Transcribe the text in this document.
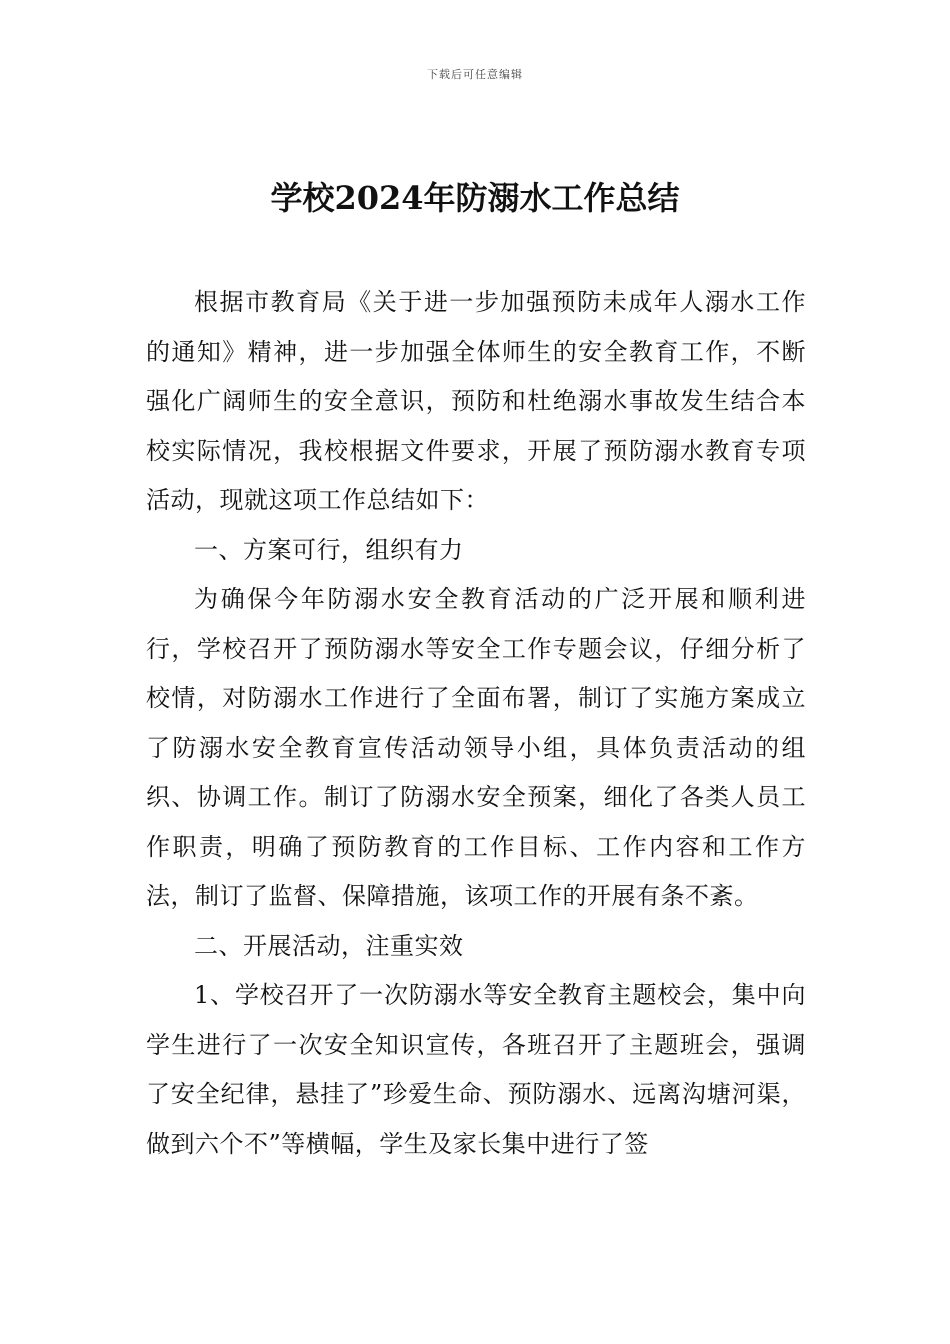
下载后可任意编辑
学校2024年防溺水工作总结

根据市教育局《关于进一步加强预防未成年人溺水工作的通知》精神，进一步加强全体师生的安全教育工作，不断强化广阔师生的安全意识，预防和杜绝溺水事故发生结合本校实际情况，我校根据文件要求，开展了预防溺水教育专项活动，现就这项工作总结如下：

一、方案可行，组织有力

为确保今年防溺水安全教育活动的广泛开展和顺利进行，学校召开了预防溺水等安全工作专题会议，仔细分析了校情，对防溺水工作进行了全面布署，制订了实施方案成立了防溺水安全教育宣传活动领导小组，具体负责活动的组织、协调工作。制订了防溺水安全预案，细化了各类人员工作职责，明确了预防教育的工作目标、工作内容和工作方法，制订了监督、保障措施，该项工作的开展有条不紊。

二、开展活动，注重实效

1、学校召开了一次防溺水等安全教育主题校会，集中向学生进行了一次安全知识宣传，各班召开了主题班会，强调了安全纪律，悬挂了”珍爱生命、预防溺水、远离沟塘河渠，做到六个不”等横幅，学生及家长集中进行了签
